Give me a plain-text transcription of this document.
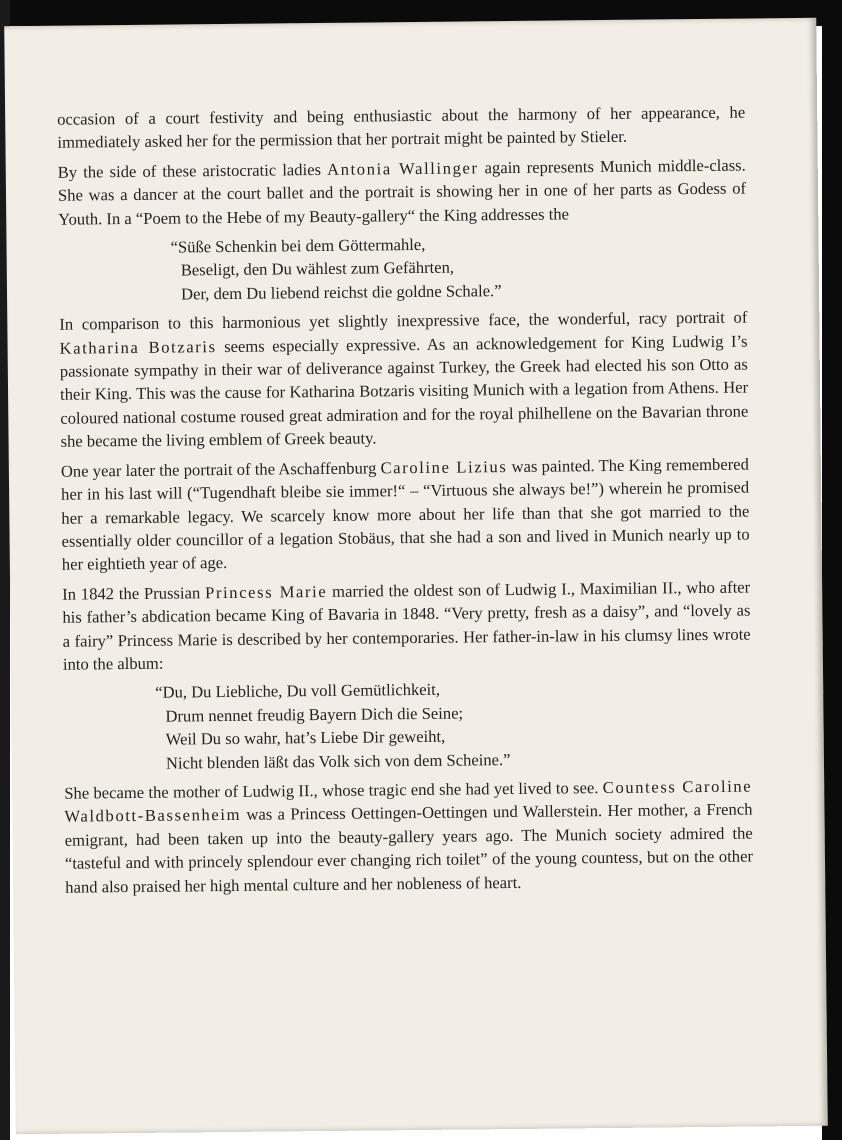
occasion of a court festivity and being enthusiastic about the harmony of her appearance, he immediately asked her for the permission that her portrait might be painted by Stieler.

By the side of these aristocratic ladies Antonia Wallinger again represents Munich middle-class. She was a dancer at the court ballet and the portrait is showing her in one of her parts as Godess of Youth. In a “Poem to the Hebe of my Beauty-gallery“ the King addresses the

“Süße Schenkin bei dem Göttermahle,
Beseligt, den Du wählest zum Gefährten,
Der, dem Du liebend reichst die goldne Schale.”

In comparison to this harmonious yet slightly inexpressive face, the wonderful, racy portrait of Katharina Botzaris seems especially expressive. As an acknowledgement for King Ludwig I’s passionate sympathy in their war of deliverance against Turkey, the Greek had elected his son Otto as their King. This was the cause for Katharina Botzaris visiting Munich with a legation from Athens. Her coloured national costume roused great admiration and for the royal philhellene on the Bavarian throne she became the living emblem of Greek beauty.

One year later the portrait of the Aschaffenburg Caroline Lizius was painted. The King remembered her in his last will (“Tugendhaft bleibe sie immer!“ – “Virtuous she always be!”) wherein he promised her a remarkable legacy. We scarcely know more about her life than that she got married to the essentially older councillor of a legation Stobäus, that she had a son and lived in Munich nearly up to her eightieth year of age.

In 1842 the Prussian Princess Marie married the oldest son of Ludwig I., Maximilian II., who after his father’s abdication became King of Bavaria in 1848. “Very pretty, fresh as a daisy”, and “lovely as a fairy” Princess Marie is described by her contemporaries. Her father-in-law in his clumsy lines wrote into the album:

“Du, Du Liebliche, Du voll Gemütlichkeit,
Drum nennet freudig Bayern Dich die Seine;
Weil Du so wahr, hat’s Liebe Dir geweiht,
Nicht blenden läßt das Volk sich von dem Scheine.”

She became the mother of Ludwig II., whose tragic end she had yet lived to see. Countess Caroline Waldbott-Bassenheim was a Princess Oettingen-Oettingen und Wallerstein. Her mother, a French emigrant, had been taken up into the beauty-gallery years ago. The Munich society admired the “tasteful and with princely splendour ever changing rich toilet” of the young countess, but on the other hand also praised her high mental culture and her nobleness of heart.
